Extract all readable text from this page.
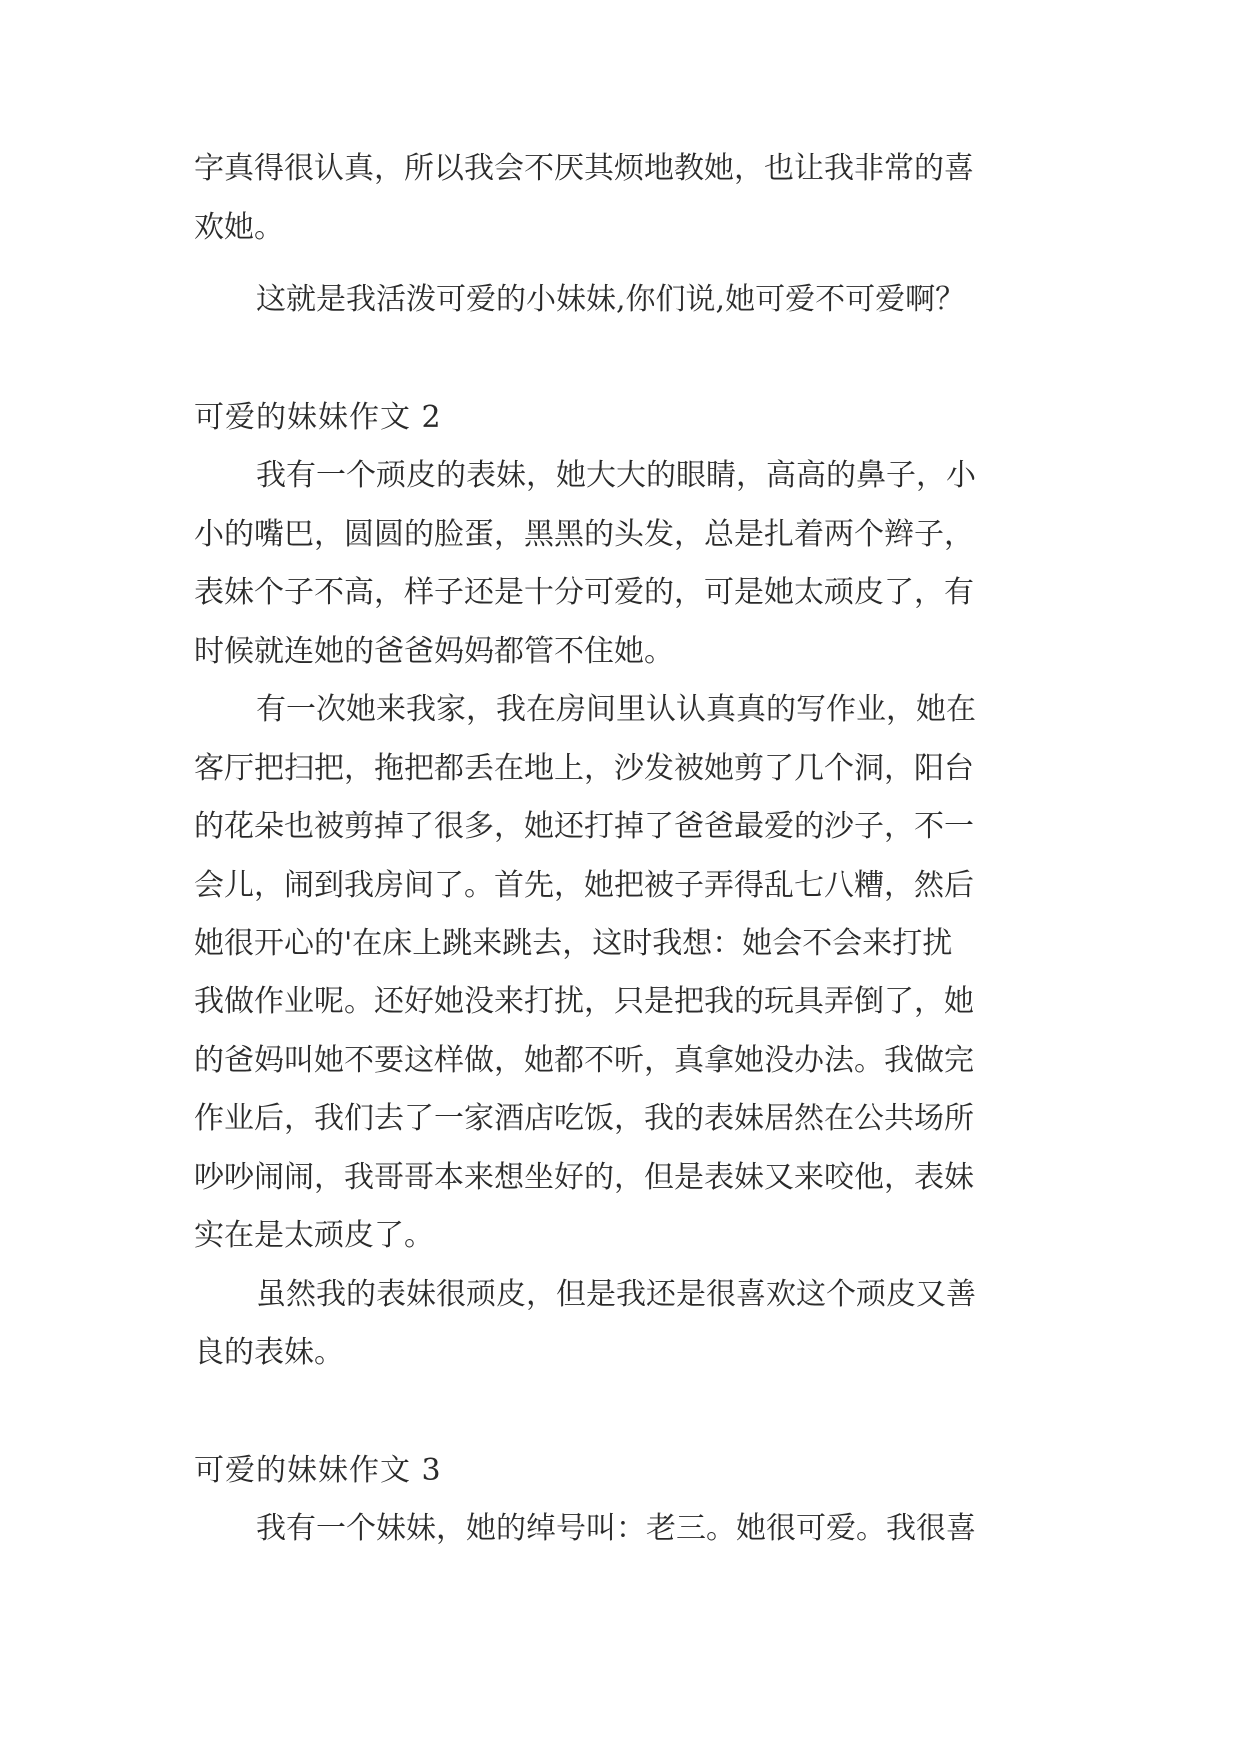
字真得很认真，所以我会不厌其烦地教她，也让我非常的喜
欢她。
这就是我活泼可爱的小妹妹,你们说,她可爱不可爱啊？
可爱的妹妹作文 2
我有一个顽皮的表妹，她大大的眼睛，高高的鼻子，小
小的嘴巴，圆圆的脸蛋，黑黑的头发，总是扎着两个辫子，
表妹个子不高，样子还是十分可爱的，可是她太顽皮了，有
时候就连她的爸爸妈妈都管不住她。
有一次她来我家，我在房间里认认真真的写作业，她在
客厅把扫把，拖把都丢在地上，沙发被她剪了几个洞，阳台
的花朵也被剪掉了很多，她还打掉了爸爸最爱的沙子，不一
会儿，闹到我房间了。首先，她把被子弄得乱七八糟，然后
她很开心的'在床上跳来跳去，这时我想：她会不会来打扰
我做作业呢。还好她没来打扰，只是把我的玩具弄倒了，她
的爸妈叫她不要这样做，她都不听，真拿她没办法。我做完
作业后，我们去了一家酒店吃饭，我的表妹居然在公共场所
吵吵闹闹，我哥哥本来想坐好的，但是表妹又来咬他，表妹
实在是太顽皮了。
虽然我的表妹很顽皮，但是我还是很喜欢这个顽皮又善
良的表妹。
可爱的妹妹作文 3
我有一个妹妹，她的绰号叫：老三。她很可爱。我很喜
